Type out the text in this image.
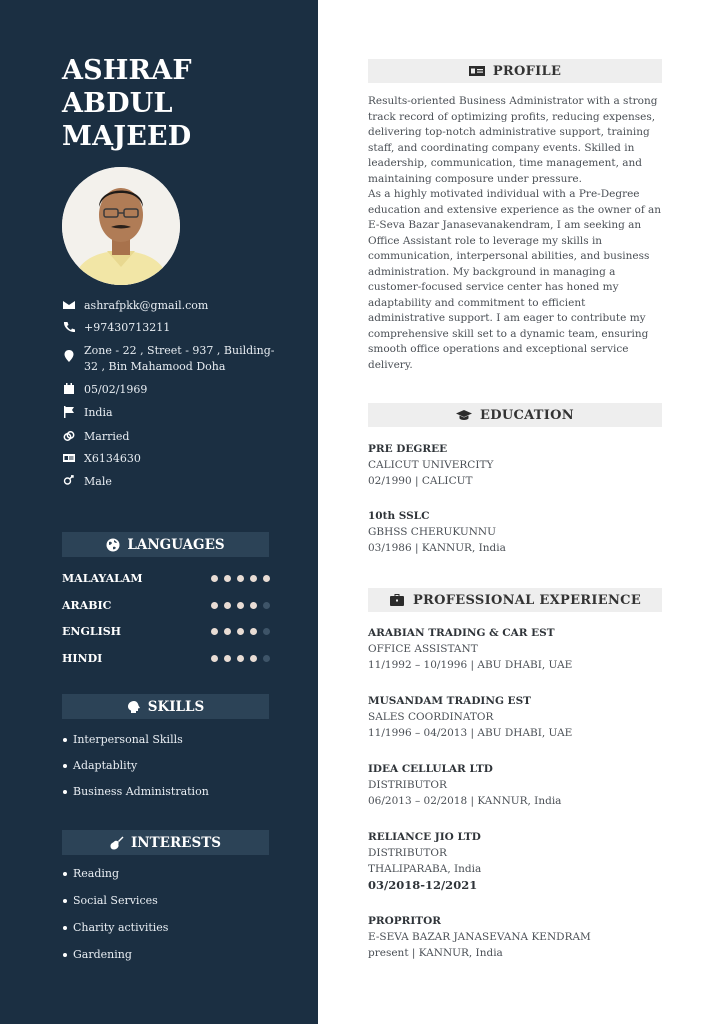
ASHRAF
ABDUL
MAJEED
ashrafpkk@gmail.com
+97430713211
Zone - 22 , Street - 937 , Building-32 , Bin Mahamood Doha
05/02/1969
India
Married
X6134630
Male
LANGUAGES
MALAYALAM
ARABIC
ENGLISH
HINDI
SKILLS
Interpersonal Skills
Adaptablity
Business Administration
INTERESTS
Reading
Social Services
Charity activities
Gardening
PROFILE
Results-oriented Business Administrator with a strong track record of optimizing profits, reducing expenses, delivering top-notch administrative support, training staff, and coordinating company events. Skilled in leadership, communication, time management, and maintaining composure under pressure.
As a highly motivated individual with a Pre-Degree education and extensive experience as the owner of an E-Seva Bazar Janasevanakendram, I am seeking an Office Assistant role to leverage my skills in communication, interpersonal abilities, and business administration. My background in managing a customer-focused service center has honed my adaptability and commitment to efficient administrative support. I am eager to contribute my comprehensive skill set to a dynamic team, ensuring smooth office operations and exceptional service delivery.
EDUCATION
PRE DEGREE
CALICUT UNIVERCITY
02/1990 | CALICUT
10th SSLC
GBHSS CHERUKUNNU
03/1986 | KANNUR, India
PROFESSIONAL EXPERIENCE
ARABIAN TRADING & CAR EST
OFFICE ASSISTANT
11/1992 – 10/1996 | ABU DHABI, UAE
MUSANDAM TRADING EST
SALES COORDINATOR
11/1996 – 04/2013 | ABU DHABI, UAE
IDEA CELLULAR LTD
DISTRIBUTOR
06/2013 – 02/2018 | KANNUR, India
RELIANCE JIO LTD
DISTRIBUTOR
THALIPARABA, India
03/2018-12/2021
PROPRITOR
E-SEVA BAZAR JANASEVANA KENDRAM
present | KANNUR, India
